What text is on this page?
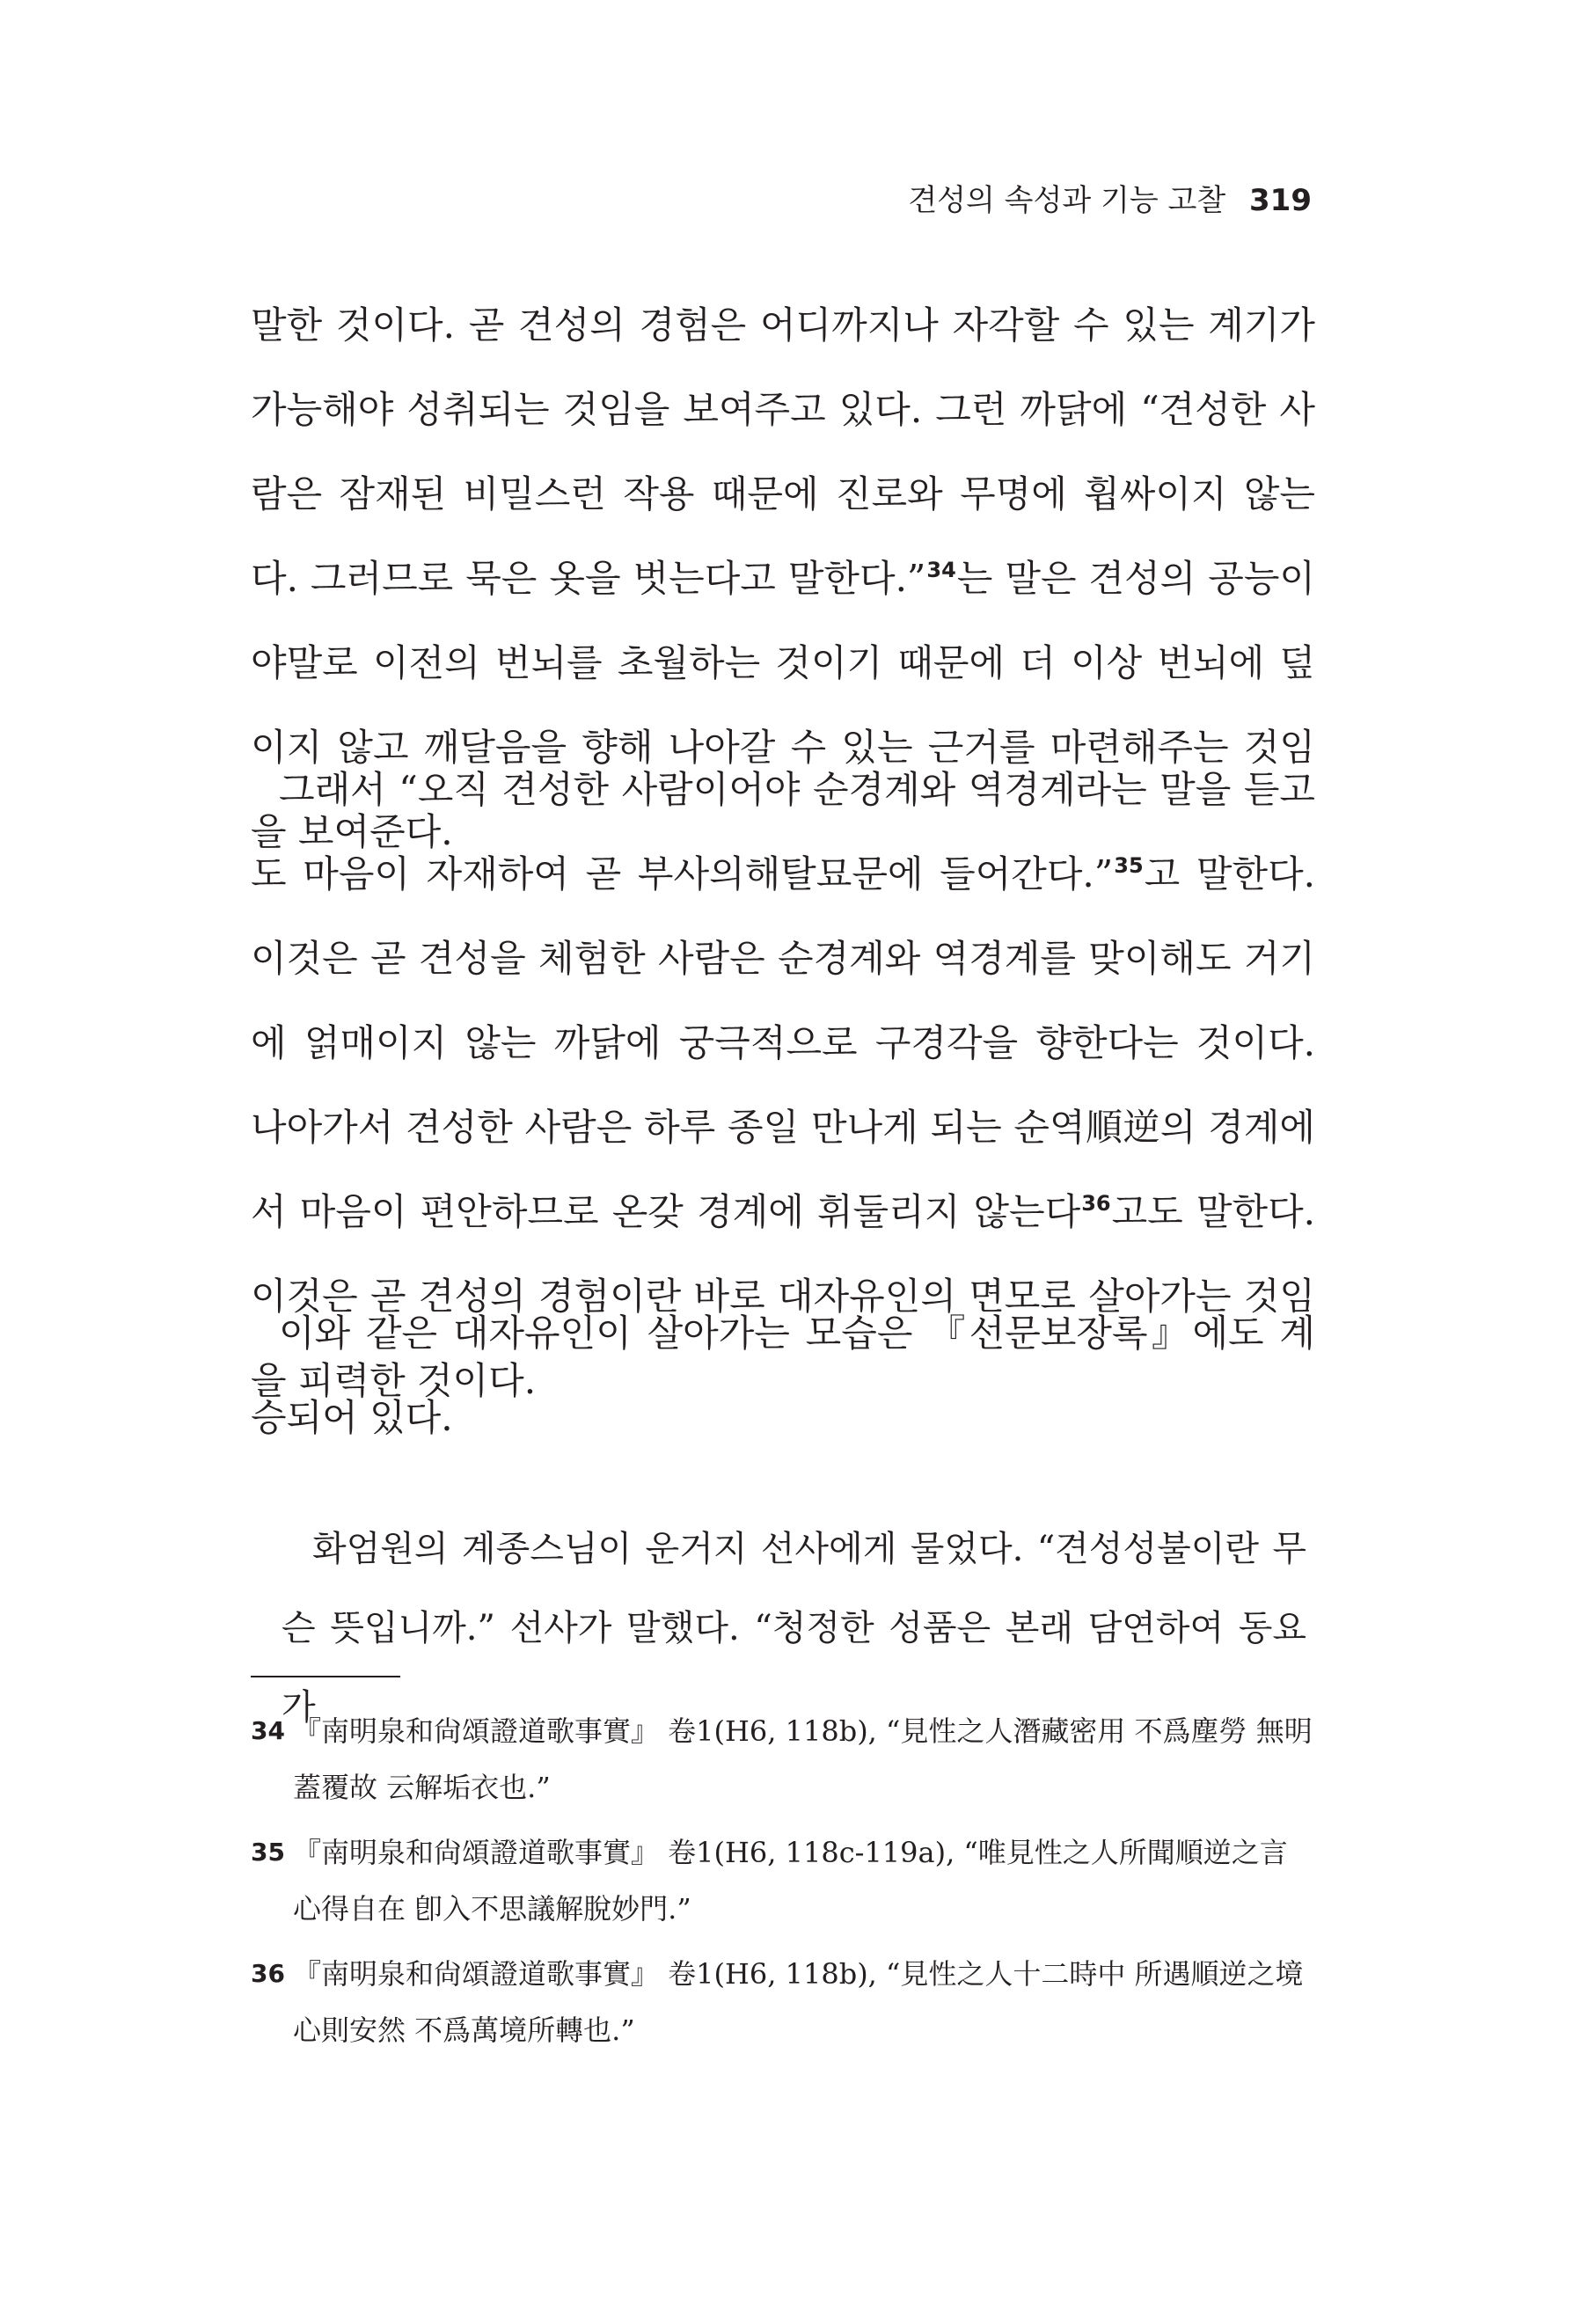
견성의 속성과 기능 고찰 319
말한 것이다. 곧 견성의 경험은 어디까지나 자각할 수 있는 계기가 가능해야 성취되는 것임을 보여주고 있다. 그런 까닭에 “견성한 사람은 잠재된 비밀스런 작용 때문에 진로와 무명에 휩싸이지 않는다. 그러므로 묵은 옷을 벗는다고 말한다.”$^{34}$는 말은 견성의 공능이야말로 이전의 번뇌를 초월하는 것이기 때문에 더 이상 번뇌에 덮이지 않고 깨달음을 향해 나아갈 수 있는 근거를 마련해주는 것임을 보여준다.
그래서 “오직 견성한 사람이어야 순경계와 역경계라는 말을 듣고도 마음이 자재하여 곧 부사의해탈묘문에 들어간다.”$^{35}$고 말한다. 이것은 곧 견성을 체험한 사람은 순경계와 역경계를 맞이해도 거기에 얽매이지 않는 까닭에 궁극적으로 구경각을 향한다는 것이다. 나아가서 견성한 사람은 하루 종일 만나게 되는 순역順逆의 경계에서 마음이 편안하므로 온갖 경계에 휘둘리지 않는다$^{36}$고도 말한다. 이것은 곧 견성의 경험이란 바로 대자유인의 면모로 살아가는 것임을 피력한 것이다.
이와 같은 대자유인이 살아가는 모습은 『선문보장록』에도 계승되어 있다.
화엄원의 계종스님이 운거지 선사에게 물었다. “견성성불이란 무슨 뜻입니까.” 선사가 말했다. “청정한 성품은 본래 담연하여 동요가
34 『南明泉和尙頌證道歌事實』 卷1(H6, 118b), “見性之人潛藏密用 不爲塵勞 無明蓋覆故 云解垢衣也.”
35 『南明泉和尙頌證道歌事實』 卷1(H6, 118c-119a), “唯見性之人所聞順逆之言 心得自在 卽入不思議解脫妙門.”
36 『南明泉和尙頌證道歌事實』 卷1(H6, 118b), “見性之人十二時中 所遇順逆之境 心則安然 不爲萬境所轉也.”
